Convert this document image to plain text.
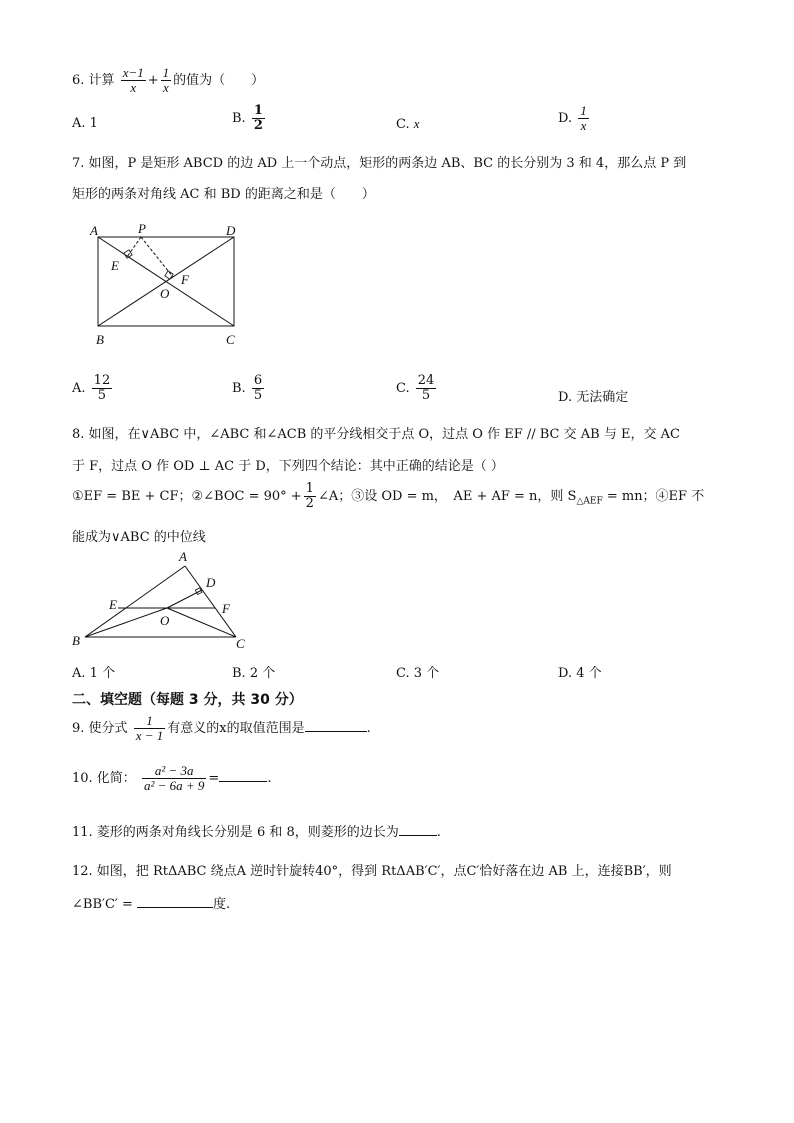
6. 计算 $\frac{x-1}{x} + \frac{1}{x}$ 的值为（　　）
A. 1	B. $\frac{1}{2}$	C. x	D. $\frac{1}{x}$
7. 如图，P 是矩形 ABCD 的边 AD 上一个动点，矩形的两条边 AB、BC 的长分别为 3 和 4，那么点 P 到
矩形的两条对角线 AC 和 BD 的距离之和是（　　）
A	P	D
E
F
O
B	C
A. $\frac{12}{5}$	B. $\frac{6}{5}$	C. $\frac{24}{5}$	D. 无法确定
8. 如图，在∨ABC 中，∠ABC 和∠ACB 的平分线相交于点 O，过点 O 作 EF // BC 交 AB 与 E，交 AC
于 F，过点 O 作 OD ⊥ AC 于 D，下列四个结论：其中正确的结论是（ ）
①EF = BE + CF；②∠BOC = $90^\circ + \frac{1}{2}$ ∠A；③设 OD = m，　AE + AF = n，则 $S_{\triangle AEF}$ = mn；④EF 不
能成为∨ABC 的中位线
A
D
E	F
O
B	C
A. 1 个	B. 2 个	C. 3 个	D. 4 个
二、填空题（每题 3 分，共 30 分）
9. 使分式 $\frac{1}{x - 1}$ 有意义的x的取值范围是	.
10. 化简： $\frac{\text{a² − 3a}}{\text{a² − 6a + 9}}$ =	.
11. 菱形的两条对角线长分别是 6 和 8，则菱形的边长为	.
12. 如图，把 RtΔABC 绕点A 逆时针旋转40°，得到 RtΔAB′C′，点C′恰好落在边 AB 上，连接BB′，则
∠BB′C′ =	度.
